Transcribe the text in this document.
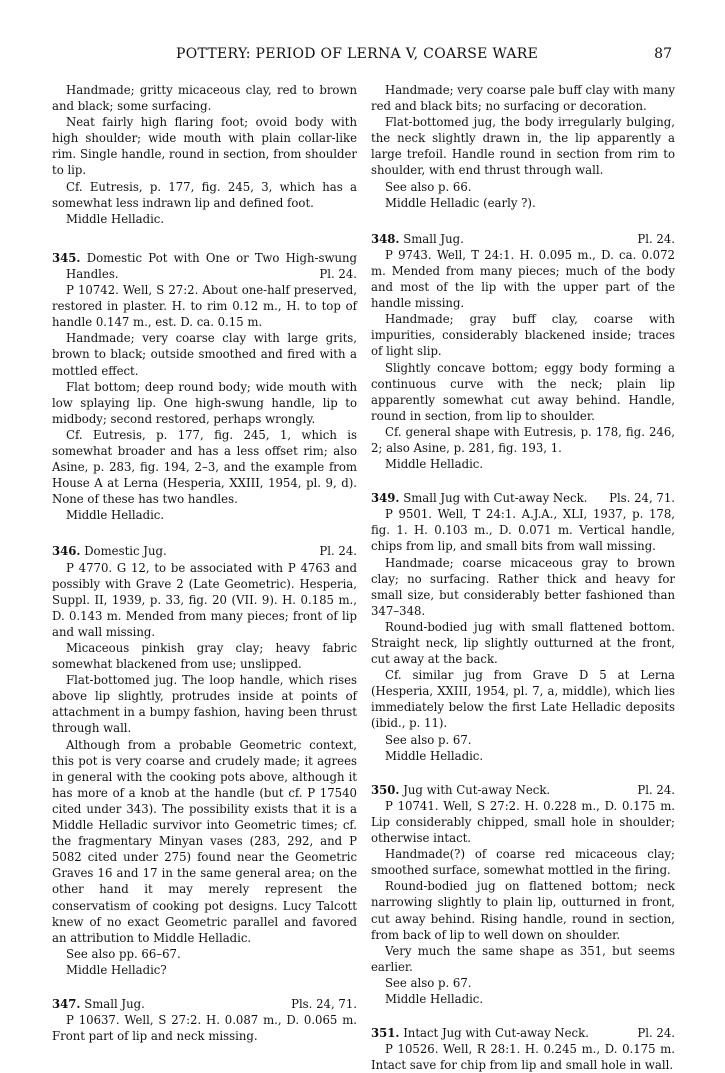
POTTERY: PERIOD OF LERNA V, COARSE WARE	87

Handmade; gritty micaceous clay, red to brown and black; some surfacing.

Neat fairly high flaring foot; ovoid body with high shoulder; wide mouth with plain collar-like rim. Single handle, round in section, from shoulder to lip.

Cf. Eutresis, p. 177, fig. 245, 3, which has a somewhat less indrawn lip and defined foot.

Middle Helladic.

345. Domestic Pot with One or Two High-swung Handles.	Pl. 24.

P 10742. Well, S 27:2. About one-half preserved, restored in plaster. H. to rim 0.12 m., H. to top of handle 0.147 m., est. D. ca. 0.15 m.

Handmade; very coarse clay with large grits, brown to black; outside smoothed and fired with a mottled effect.

Flat bottom; deep round body; wide mouth with low splaying lip. One high-swung handle, lip to midbody; second restored, perhaps wrongly.

Cf. Eutresis, p. 177, fig. 245, 1, which is somewhat broader and has a less offset rim; also Asine, p. 283, fig. 194, 2–3, and the example from House A at Lerna (Hesperia, XXIII, 1954, pl. 9, d). None of these has two handles.

Middle Helladic.

346. Domestic Jug.	Pl. 24.

P 4770. G 12, to be associated with P 4763 and possibly with Grave 2 (Late Geometric). Hesperia, Suppl. II, 1939, p. 33, fig. 20 (VII. 9). H. 0.185 m., D. 0.143 m. Mended from many pieces; front of lip and wall missing.

Micaceous pinkish gray clay; heavy fabric somewhat blackened from use; unslipped.

Flat-bottomed jug. The loop handle, which rises above lip slightly, protrudes inside at points of attachment in a bumpy fashion, having been thrust through wall.

Although from a probable Geometric context, this pot is very coarse and crudely made; it agrees in general with the cooking pots above, although it has more of a knob at the handle (but cf. P 17540 cited under 343). The possibility exists that it is a Middle Helladic survivor into Geometric times; cf. the fragmentary Minyan vases (283, 292, and P 5082 cited under 275) found near the Geometric Graves 16 and 17 in the same general area; on the other hand it may merely represent the conservatism of cooking pot designs. Lucy Talcott knew of no exact Geometric parallel and favored an attribution to Middle Helladic.

See also pp. 66–67.

Middle Helladic?

347. Small Jug.	Pls. 24, 71.

P 10637. Well, S 27:2. H. 0.087 m., D. 0.065 m. Front part of lip and neck missing.

Handmade; very coarse pale buff clay with many red and black bits; no surfacing or decoration.

Flat-bottomed jug, the body irregularly bulging, the neck slightly drawn in, the lip apparently a large trefoil. Handle round in section from rim to shoulder, with end thrust through wall.

See also p. 66.

Middle Helladic (early ?).

348. Small Jug.	Pl. 24.

P 9743. Well, T 24:1. H. 0.095 m., D. ca. 0.072 m. Mended from many pieces; much of the body and most of the lip with the upper part of the handle missing.

Handmade; gray buff clay, coarse with impurities, considerably blackened inside; traces of light slip.

Slightly concave bottom; eggy body forming a continuous curve with the neck; plain lip apparently somewhat cut away behind. Handle, round in section, from lip to shoulder.

Cf. general shape with Eutresis, p. 178, fig. 246, 2; also Asine, p. 281, fig. 193, 1.

Middle Helladic.

349. Small Jug with Cut-away Neck. Pls. 24, 71.

P 9501. Well, T 24:1. A.J.A., XLI, 1937, p. 178, fig. 1. H. 0.103 m., D. 0.071 m. Vertical handle, chips from lip, and small bits from wall missing.

Handmade; coarse micaceous gray to brown clay; no surfacing. Rather thick and heavy for small size, but considerably better fashioned than 347–348.

Round-bodied jug with small flattened bottom. Straight neck, lip slightly outturned at the front, cut away at the back.

Cf. similar jug from Grave D 5 at Lerna (Hesperia, XXIII, 1954, pl. 7, a, middle), which lies immediately below the first Late Helladic deposits (ibid., p. 11).

See also p. 67.

Middle Helladic.

350. Jug with Cut-away Neck.	Pl. 24.

P 10741. Well, S 27:2. H. 0.228 m., D. 0.175 m. Lip considerably chipped, small hole in shoulder; otherwise intact.

Handmade(?) of coarse red micaceous clay; smoothed surface, somewhat mottled in the firing.

Round-bodied jug on flattened bottom; neck narrowing slightly to plain lip, outturned in front, cut away behind. Rising handle, round in section, from back of lip to well down on shoulder.

Very much the same shape as 351, but seems earlier.

See also p. 67.

Middle Helladic.

351. Intact Jug with Cut-away Neck.	Pl. 24.

P 10526. Well, R 28:1. H. 0.245 m., D. 0.175 m. Intact save for chip from lip and small hole in wall.
